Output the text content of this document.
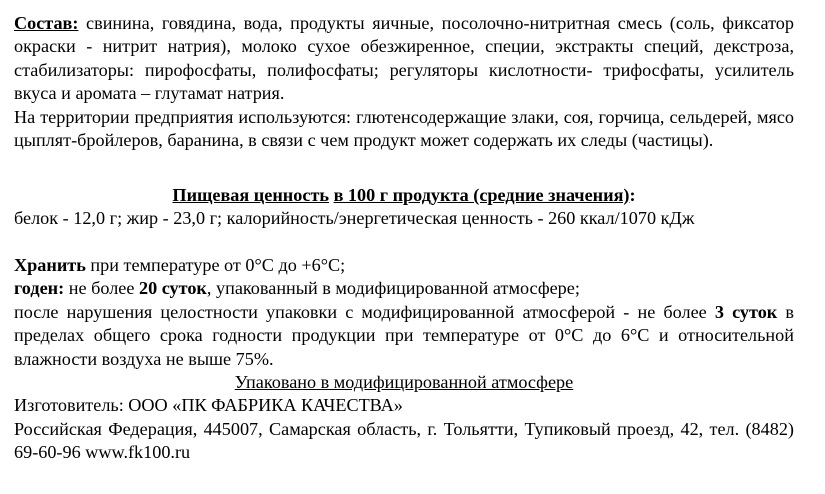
Состав: свинина, говядина, вода, продукты яичные, посолочно-нитритная смесь (соль, фиксатор окраски - нитрит натрия), молоко сухое обезжиренное, специи, экстракты специй, декстроза, стабилизаторы: пирофосфаты, полифосфаты; регуляторы кислотности- трифосфаты, усилитель вкуса и аромата – глутамат натрия.

На территории предприятия используются: глютенсодержащие злаки, соя, горчица, сельдерей, мясо цыплят-бройлеров, баранина, в связи с чем продукт может содержать их следы (частицы).

Пищевая ценность в 100 г продукта (средние значения):

белок - 12,0 г; жир - 23,0 г; калорийность/энергетическая ценность - 260 ккал/1070 кДж

Хранить при температуре от 0°С до +6°С;

годен: не более 20 суток, упакованный в модифицированной атмосфере;

после нарушения целостности упаковки с модифицированной атмосферой - не более 3 суток в пределах общего срока годности продукции при температуре от 0°С до 6°С и относительной влажности воздуха не выше 75%.

Упаковано в модифицированной атмосфере

Изготовитель: ООО «ПК ФАБРИКА КАЧЕСТВА»

Российская Федерация, 445007, Самарская область, г. Тольятти, Тупиковый проезд, 42, тел. (8482) 69-60-96 www.fk100.ru
